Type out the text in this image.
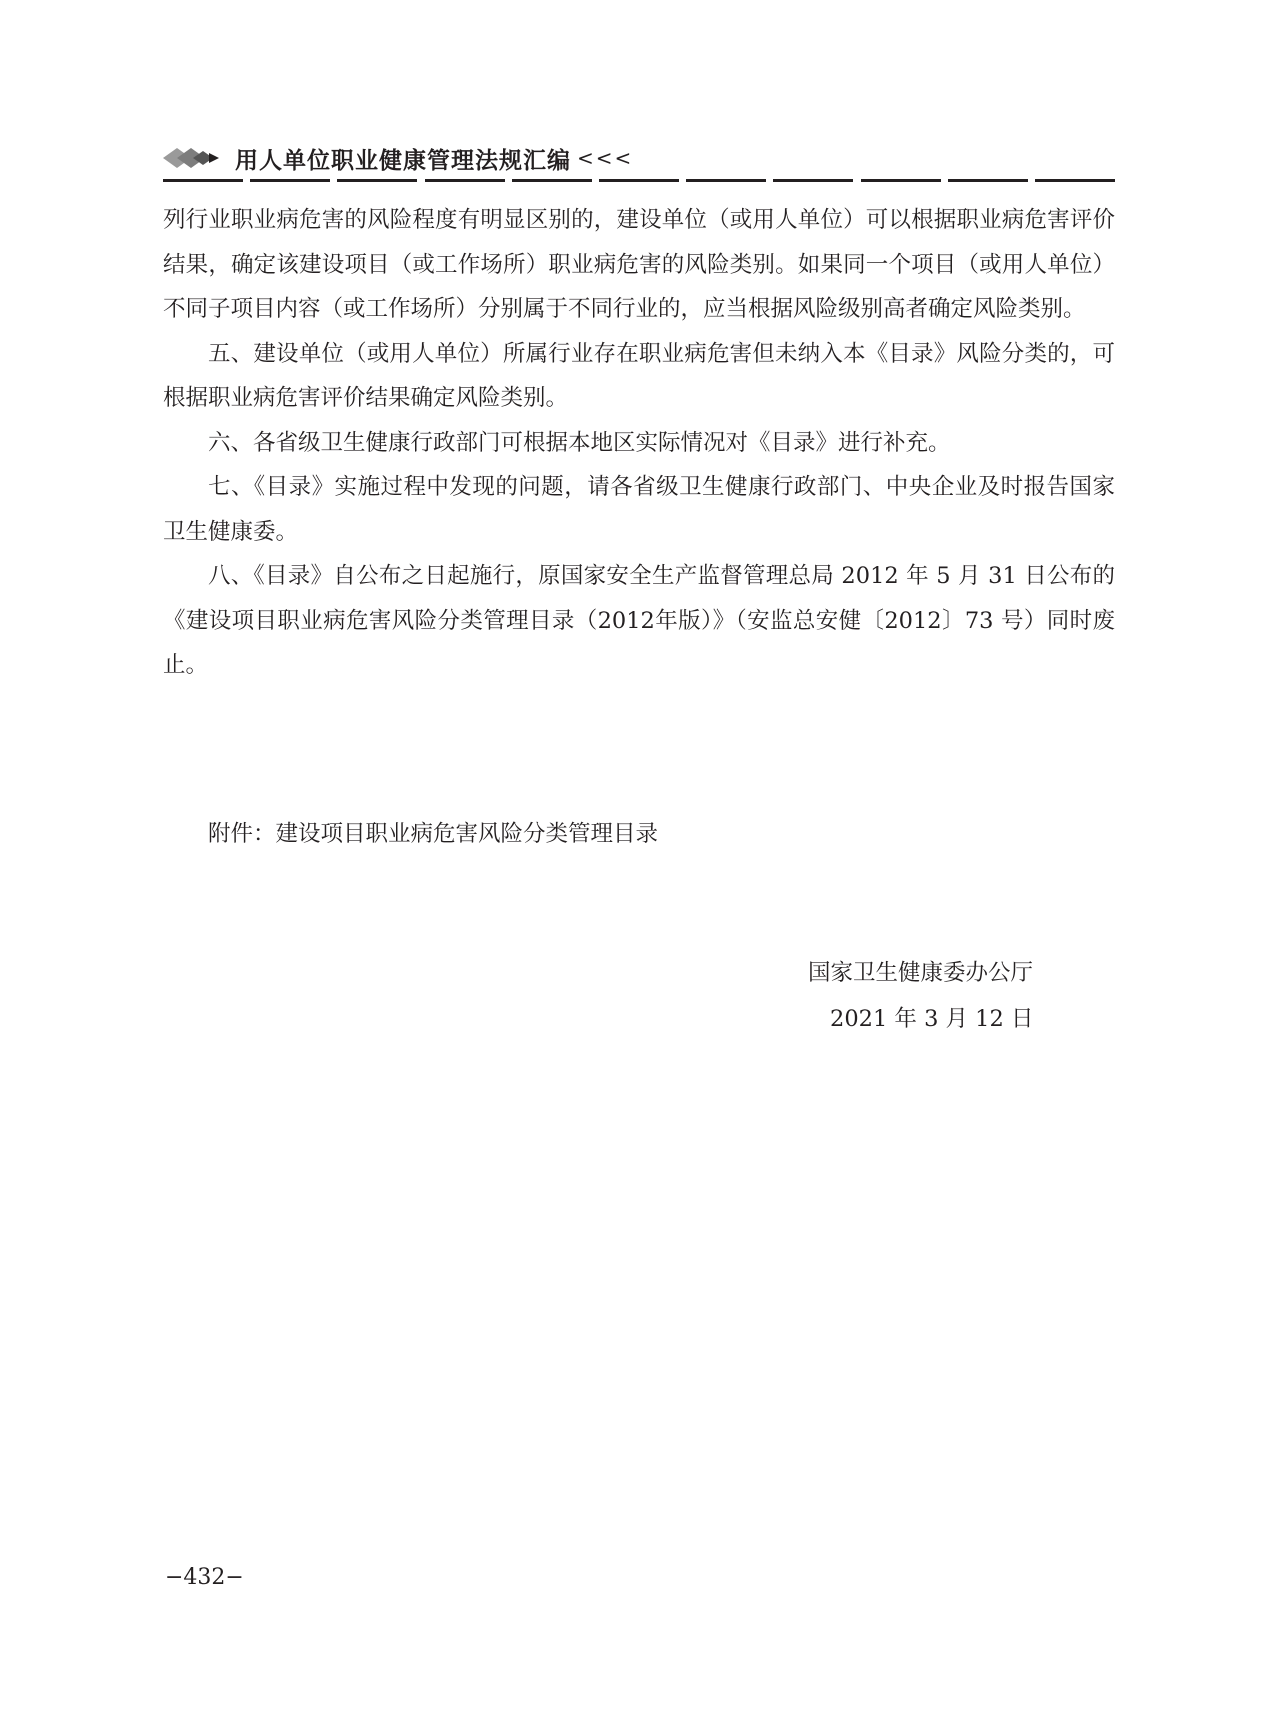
用人单位职业健康管理法规汇编 <<<

列行业职业病危害的风险程度有明显区别的，建设单位（或用人单位）可以根据职业病危害评价结果，确定该建设项目（或工作场所）职业病危害的风险类别。如果同一个项目（或用人单位）不同子项目内容（或工作场所）分别属于不同行业的，应当根据风险级别高者确定风险类别。

五、建设单位（或用人单位）所属行业存在职业病危害但未纳入本《目录》风险分类的，可根据职业病危害评价结果确定风险类别。

六、各省级卫生健康行政部门可根据本地区实际情况对《目录》进行补充。

七、《目录》实施过程中发现的问题，请各省级卫生健康行政部门、中央企业及时报告国家卫生健康委。

八、《目录》自公布之日起施行，原国家安全生产监督管理总局 2012 年 5 月 31 日公布的《建设项目职业病危害风险分类管理目录（2012年版）》（安监总安健〔2012〕73 号）同时废止。

附件：建设项目职业病危害风险分类管理目录
国家卫生健康委办公厅
2021 年 3 月 12 日
−432−
